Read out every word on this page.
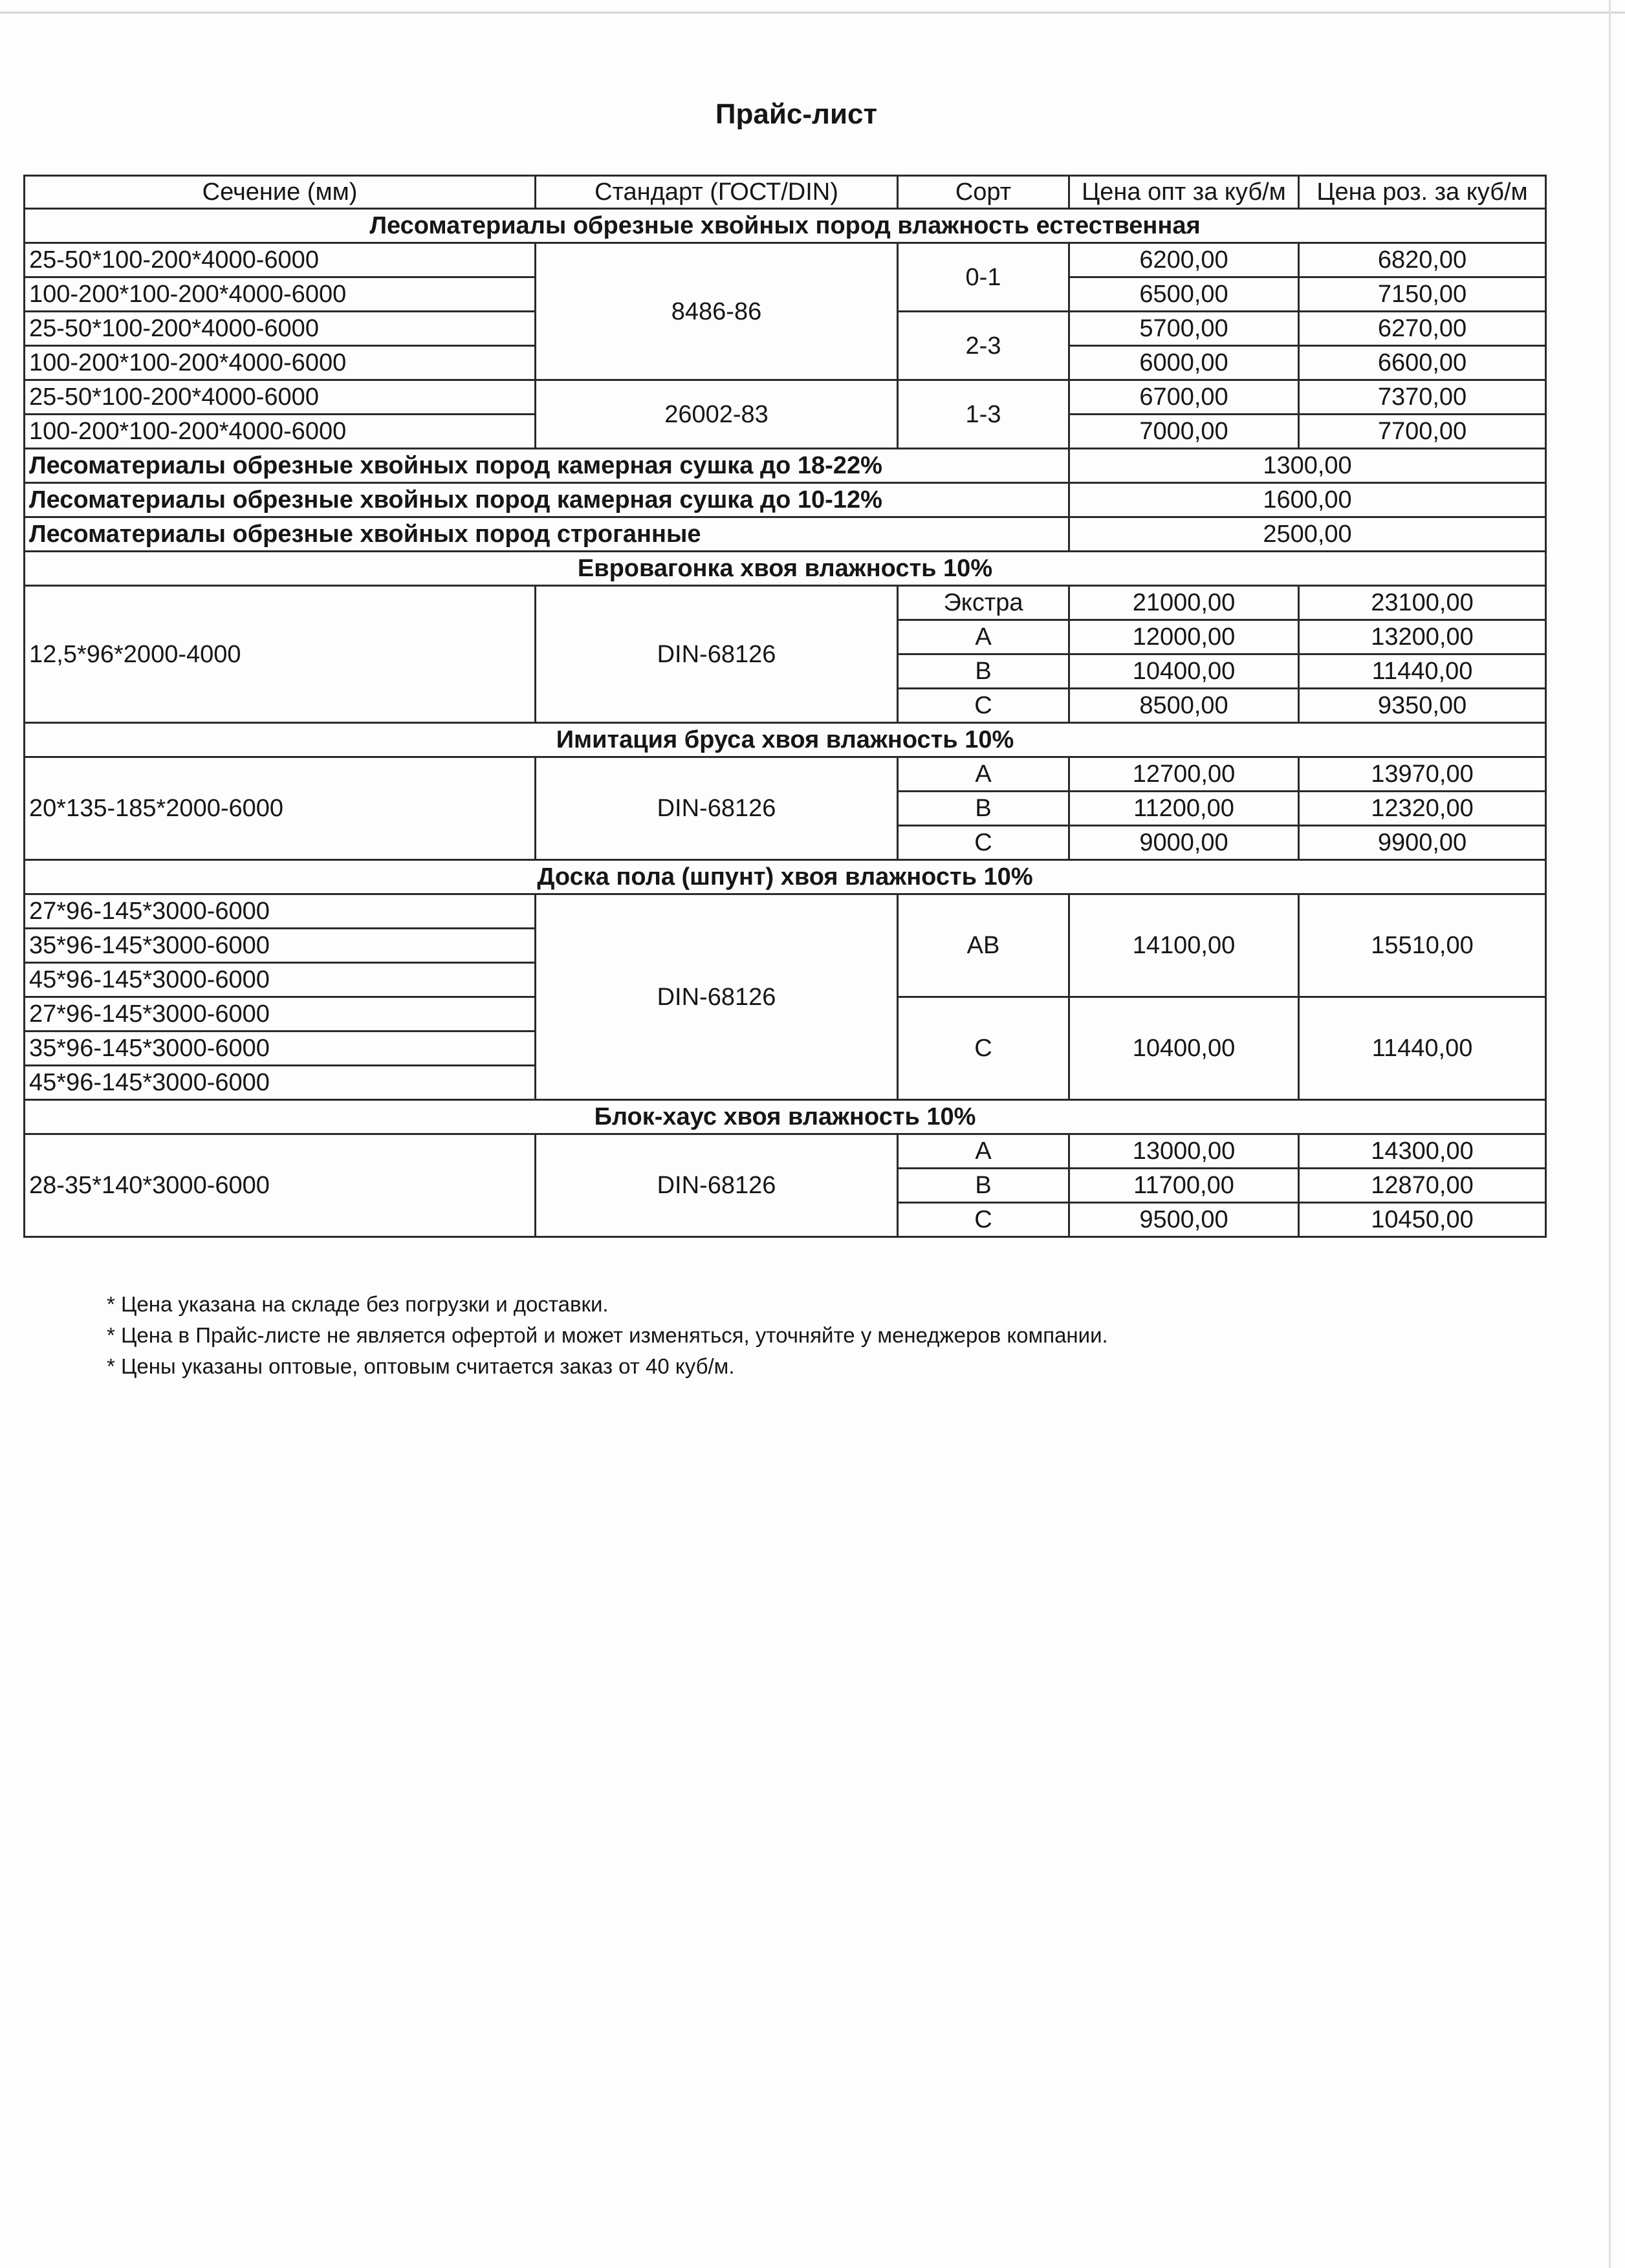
Прайс-лист
Сечение (мм)	Стандарт (ГОСТ/DIN)	Сорт	Цена опт за куб/м	Цена роз. за куб/м
Лесоматериалы обрезные хвойных пород влажность естественная				
25-50*100-200*4000-6000	8486-86	0-1	6200,00	6820,00
100-200*100-200*4000-6000			6500,00	7150,00
25-50*100-200*4000-6000		2-3	5700,00	6270,00
100-200*100-200*4000-6000			6000,00	6600,00
25-50*100-200*4000-6000	26002-83	1-3	6700,00	7370,00
100-200*100-200*4000-6000			7000,00	7700,00
Лесоматериалы обрезные хвойных пород камерная сушка до 18-22%			1300,00	
Лесоматериалы обрезные хвойных пород камерная сушка до 10-12%			1600,00	
Лесоматериалы обрезные хвойных пород строганные			2500,00	
Евровагонка хвоя влажность 10%				
12,5*96*2000-4000	DIN-68126	Экстра	21000,00	23100,00
		A	12000,00	13200,00
		B	10400,00	11440,00
		C	8500,00	9350,00
Имитация бруса хвоя влажность 10%				
20*135-185*2000-6000	DIN-68126	A	12700,00	13970,00
		B	11200,00	12320,00
		C	9000,00	9900,00
Доска пола (шпунт) хвоя влажность 10%				
27*96-145*3000-6000	DIN-68126	AB	14100,00	15510,00
35*96-145*3000-6000				
45*96-145*3000-6000				
27*96-145*3000-6000		C	10400,00	11440,00
35*96-145*3000-6000				
45*96-145*3000-6000				
Блок-хаус хвоя влажность 10%				
28-35*140*3000-6000	DIN-68126	A	13000,00	14300,00
		B	11700,00	12870,00
		C	9500,00	10450,00
* Цена указана на складе без погрузки и доставки.
* Цена в Прайс-листе не является офертой и может изменяться, уточняйте у менеджеров компании.
* Цены указаны оптовые, оптовым считается заказ от 40 куб/м.
